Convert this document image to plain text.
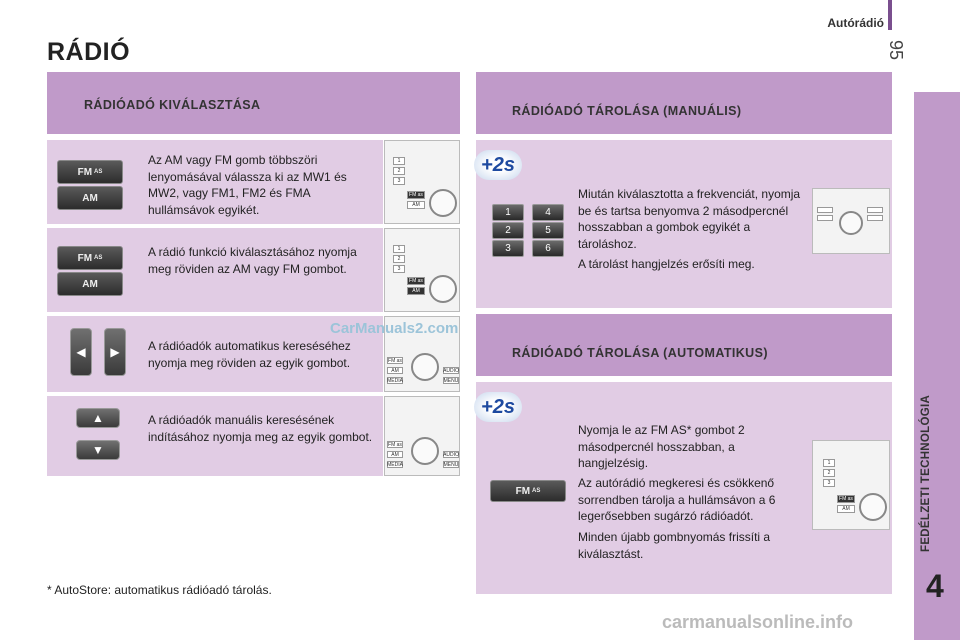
Autórádió
95
RÁDIÓ
FEDÉLZETI TECHNOLÓGIA
4
RÁDIÓADÓ KIVÁLASZTÁSA
FM AS
AM
Az AM vagy FM gomb többszöri lenyomásával válassza ki az MW1 és MW2, vagy FM1, FM2 és FMA hullámsávok egyikét.
1
2
3
FM as
AM
FM AS
AM
A rádió funkció kiválasztásához nyomja meg röviden az AM vagy FM gombot.
1
2
3
FM as
AM
◀	▶	A rádióadók automatikus kereséséhez nyomja meg röviden az egyik gombot.	FM as
AM
MEDIA
AUDIO
MENU
▲
▼
A rádióadók manuális keresésének indításához nyomja meg az egyik gombot.
FM as
AM
MEDIA
AUDIO
MENU
CarManuals2.com
RÁDIÓADÓ TÁROLÁSA (MANUÁLIS)
+2s
1	4
2	5
3	6
Miután kiválasztotta a frekvenciát, nyomja be és tartsa benyomva 2 másodpercnél hosszabban a gombok egyikét a tároláshoz.
A tárolást hangjelzés erősíti meg.
RÁDIÓADÓ TÁROLÁSA (AUTOMATIKUS)
+2s
FM AS
Nyomja le az FM AS* gombot 2 másodpercnél hosszabban, a hangjelzésig.
Az autórádió megkeresi és csökkenő sorrendben tárolja a hullámsávon a 6 legerősebben sugárzó rádióadót.
Minden újabb gombnyomás frissíti a kiválasztást.
1
2
3
FM as
AM
* AutoStore: automatikus rádióadó tárolás.
carmanualsonline.info
